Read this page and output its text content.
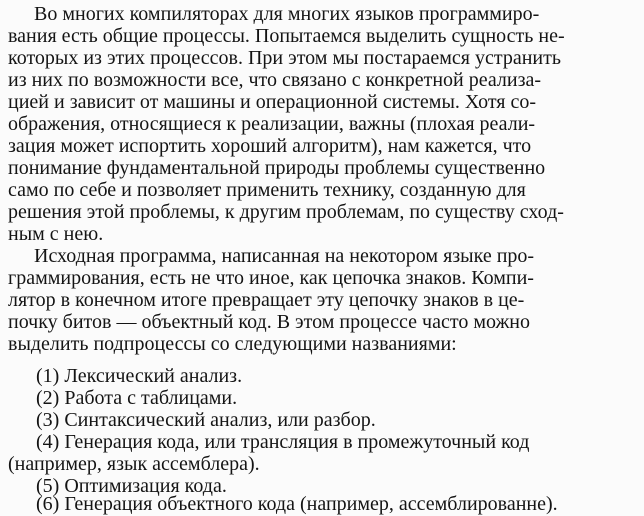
Во многих компиляторах для многих языков программиро-
вания есть общие процессы. Попытаемся выделить сущность не-
которых из этих процессов. При этом мы постараемся устранить
из них по возможности все, что связано с конкретной реализа-
цией и зависит от машины и операционной системы. Хотя со-
ображения, относящиеся к реализации, важны (плохая реали-
зация может испортить хороший алгоритм), нам кажется, что
понимание фундаментальной природы проблемы существенно
само по себе и позволяет применить технику, созданную для
решения этой проблемы, к другим проблемам, по существу сход-
ным с нею.
Исходная программа, написанная на некотором языке про-
граммирования, есть не что иное, как цепочка знаков. Компи-
лятор в конечном итоге превращает эту цепочку знаков в це-
почку битов — объектный код. В этом процессе часто можно
выделить подпроцессы со следующими названиями:
(1) Лексический анализ.
(2) Работа с таблицами.
(3) Синтаксический анализ, или разбор.
(4) Генерация кода, или трансляция в промежуточный код
(например, язык ассемблера).
(5) Оптимизация кода.
(6) Генерация объектного кода (например, ассемблированне).
